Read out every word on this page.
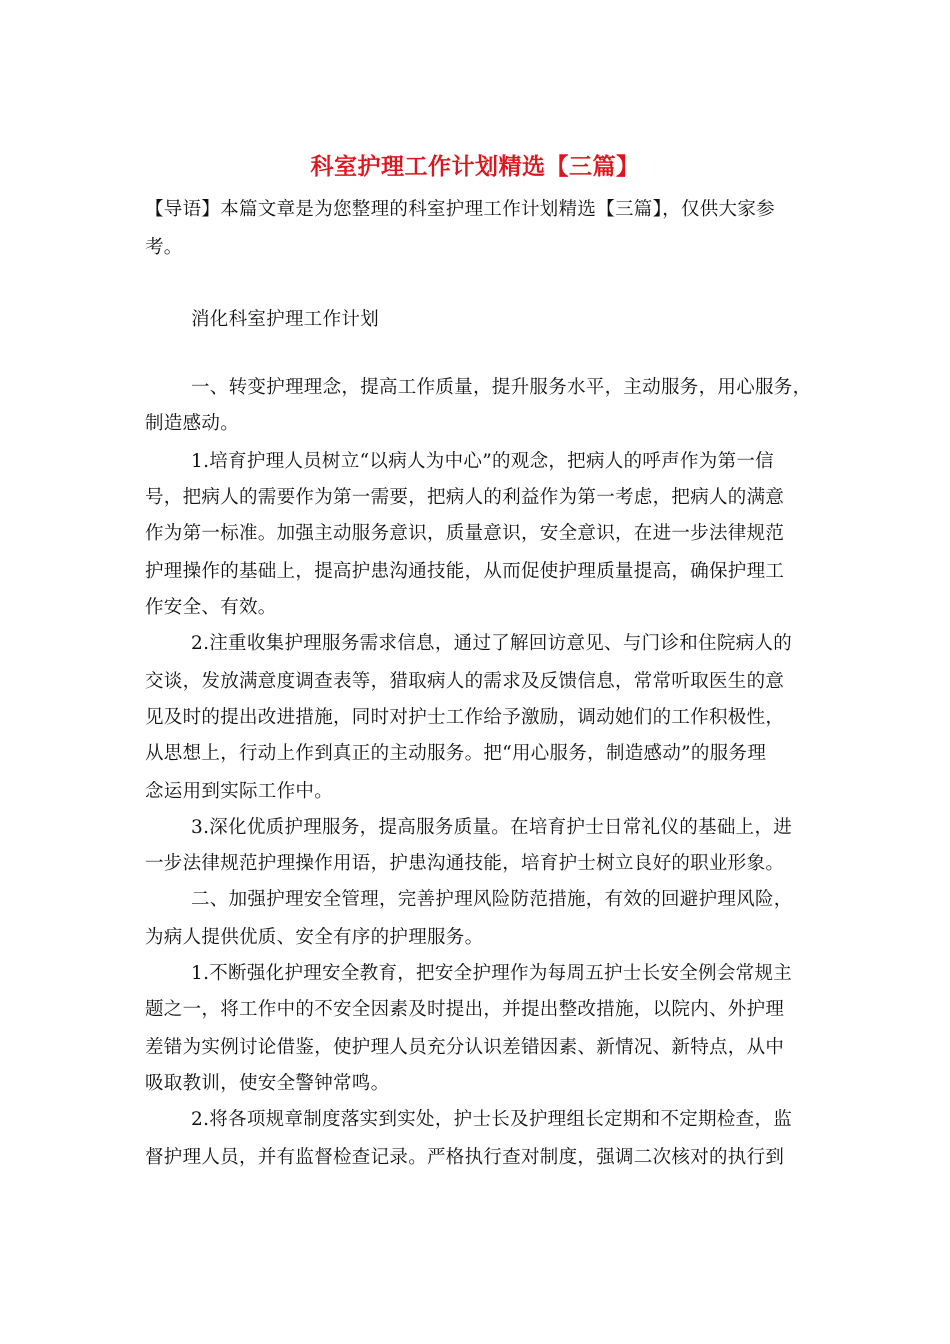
科室护理工作计划精选【三篇】
【导语】本篇文章是为您整理的科室护理工作计划精选【三篇】，仅供大家参
考。
消化科室护理工作计划
一、转变护理理念，提高工作质量，提升服务水平，主动服务，用心服务，
制造感动。
1.培育护理人员树立“以病人为中心”的观念，把病人的呼声作为第一信
号，把病人的需要作为第一需要，把病人的利益作为第一考虑，把病人的满意
作为第一标准。加强主动服务意识，质量意识，安全意识，在进一步法律规范
护理操作的基础上，提高护患沟通技能，从而促使护理质量提高，确保护理工
作安全、有效。
2.注重收集护理服务需求信息，通过了解回访意见、与门诊和住院病人的
交谈，发放满意度调查表等，猎取病人的需求及反馈信息，常常听取医生的意
见及时的提出改进措施，同时对护士工作给予激励，调动她们的工作积极性，
从思想上，行动上作到真正的主动服务。把“用心服务，制造感动”的服务理
念运用到实际工作中。
3.深化优质护理服务，提高服务质量。在培育护士日常礼仪的基础上，进
一步法律规范护理操作用语，护患沟通技能，培育护士树立良好的职业形象。
二、加强护理安全管理，完善护理风险防范措施，有效的回避护理风险，
为病人提供优质、安全有序的护理服务。
1.不断强化护理安全教育，把安全护理作为每周五护士长安全例会常规主
题之一，将工作中的不安全因素及时提出，并提出整改措施，以院内、外护理
差错为实例讨论借鉴，使护理人员充分认识差错因素、新情况、新特点，从中
吸取教训，使安全警钟常鸣。
2.将各项规章制度落实到实处，护士长及护理组长定期和不定期检查，监
督护理人员，并有监督检查记录。严格执行查对制度，强调二次核对的执行到
